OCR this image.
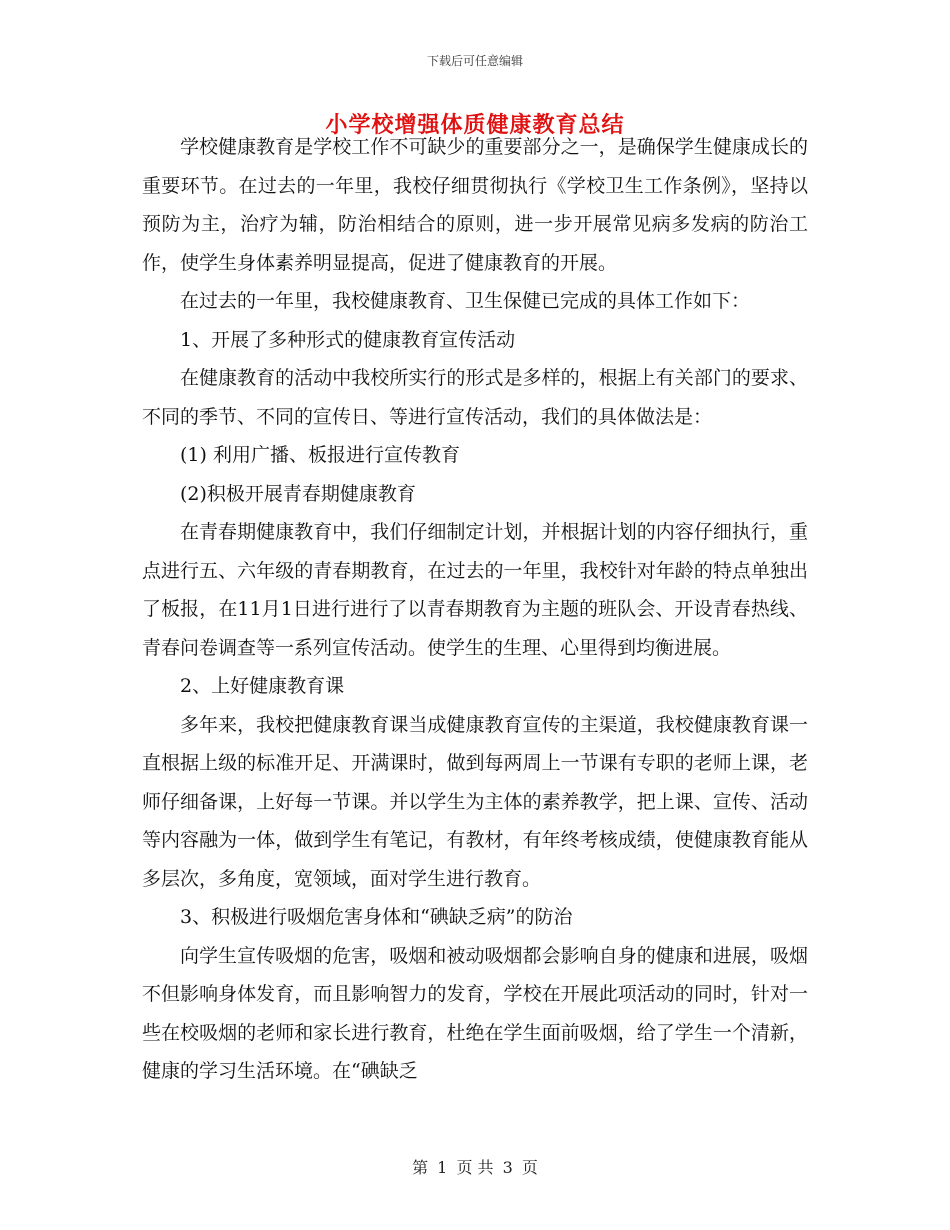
下载后可任意编辑
小学校增强体质健康教育总结

学校健康教育是学校工作不可缺少的重要部分之一，是确保学生健康成长的重要环节。在过去的一年里，我校仔细贯彻执行《学校卫生工作条例》，坚持以预防为主，治疗为辅，防治相结合的原则，进一步开展常见病多发病的防治工作，使学生身体素养明显提高，促进了健康教育的开展。

在过去的一年里，我校健康教育、卫生保健已完成的具体工作如下：

1、开展了多种形式的健康教育宣传活动

在健康教育的活动中我校所实行的形式是多样的，根据上有关部门的要求、不同的季节、不同的宣传日、等进行宣传活动，我们的具体做法是：

(1) 利用广播、板报进行宣传教育

(2)积极开展青春期健康教育

在青春期健康教育中，我们仔细制定计划，并根据计划的内容仔细执行，重点进行五、六年级的青春期教育，在过去的一年里，我校针对年龄的特点单独出了板报，在11月1日进行进行了以青春期教育为主题的班队会、开设青春热线、青春问卷调查等一系列宣传活动。使学生的生理、心里得到均衡进展。

2、上好健康教育课

多年来，我校把健康教育课当成健康教育宣传的主渠道，我校健康教育课一直根据上级的标准开足、开满课时，做到每两周上一节课有专职的老师上课，老师仔细备课，上好每一节课。并以学生为主体的素养教学，把上课、宣传、活动等内容融为一体，做到学生有笔记，有教材，有年终考核成绩，使健康教育能从多层次，多角度，宽领域，面对学生进行教育。

3、积极进行吸烟危害身体和“碘缺乏病”的防治

向学生宣传吸烟的危害，吸烟和被动吸烟都会影响自身的健康和进展，吸烟不但影响身体发育，而且影响智力的发育，学校在开展此项活动的同时，针对一些在校吸烟的老师和家长进行教育，杜绝在学生面前吸烟，给了学生一个清新，健康的学习生活环境。在“碘缺乏

第 1 页 共 3 页
